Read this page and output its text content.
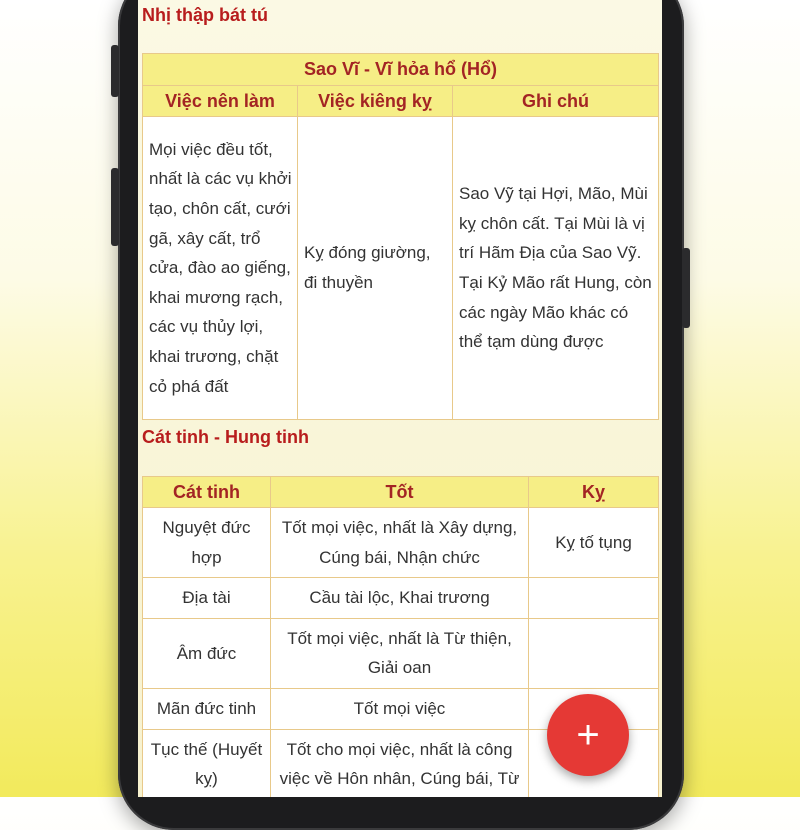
Nhị thập bát tú
Sao Vĩ - Vĩ hỏa hổ (Hổ)		
Việc nên làm	Việc kiêng kỵ	Ghi chú
Mọi việc đều tốt, nhất là các vụ khởi tạo, chôn cất, cưới gã, xây cất, trổ cửa, đào ao giếng, khai mương rạch, các vụ thủy lợi, khai trương, chặt cỏ phá đất	Kỵ đóng giường, đi thuyền	Sao Vỹ tại Hợi, Mão, Mùi kỵ chôn cất. Tại Mùi là vị trí Hãm Địa của Sao Vỹ. Tại Kỷ Mão rất Hung, còn các ngày Mão khác có thể tạm dùng được
Cát tinh - Hung tinh
Cát tinh	Tốt	Kỵ
Nguyệt đức hợp	Tốt mọi việc, nhất là Xây dựng, Cúng bái, Nhận chức	Kỵ tố tụng
Địa tài	Cầu tài lộc, Khai trương	
Âm đức	Tốt mọi việc, nhất là Từ thiện, Giải oan	
Mãn đức tinh	Tốt mọi việc	
Tục thế (Huyết kỵ)	Tốt cho mọi việc, nhất là công việc về Hôn nhân, Cúng bái, Từ	
+
